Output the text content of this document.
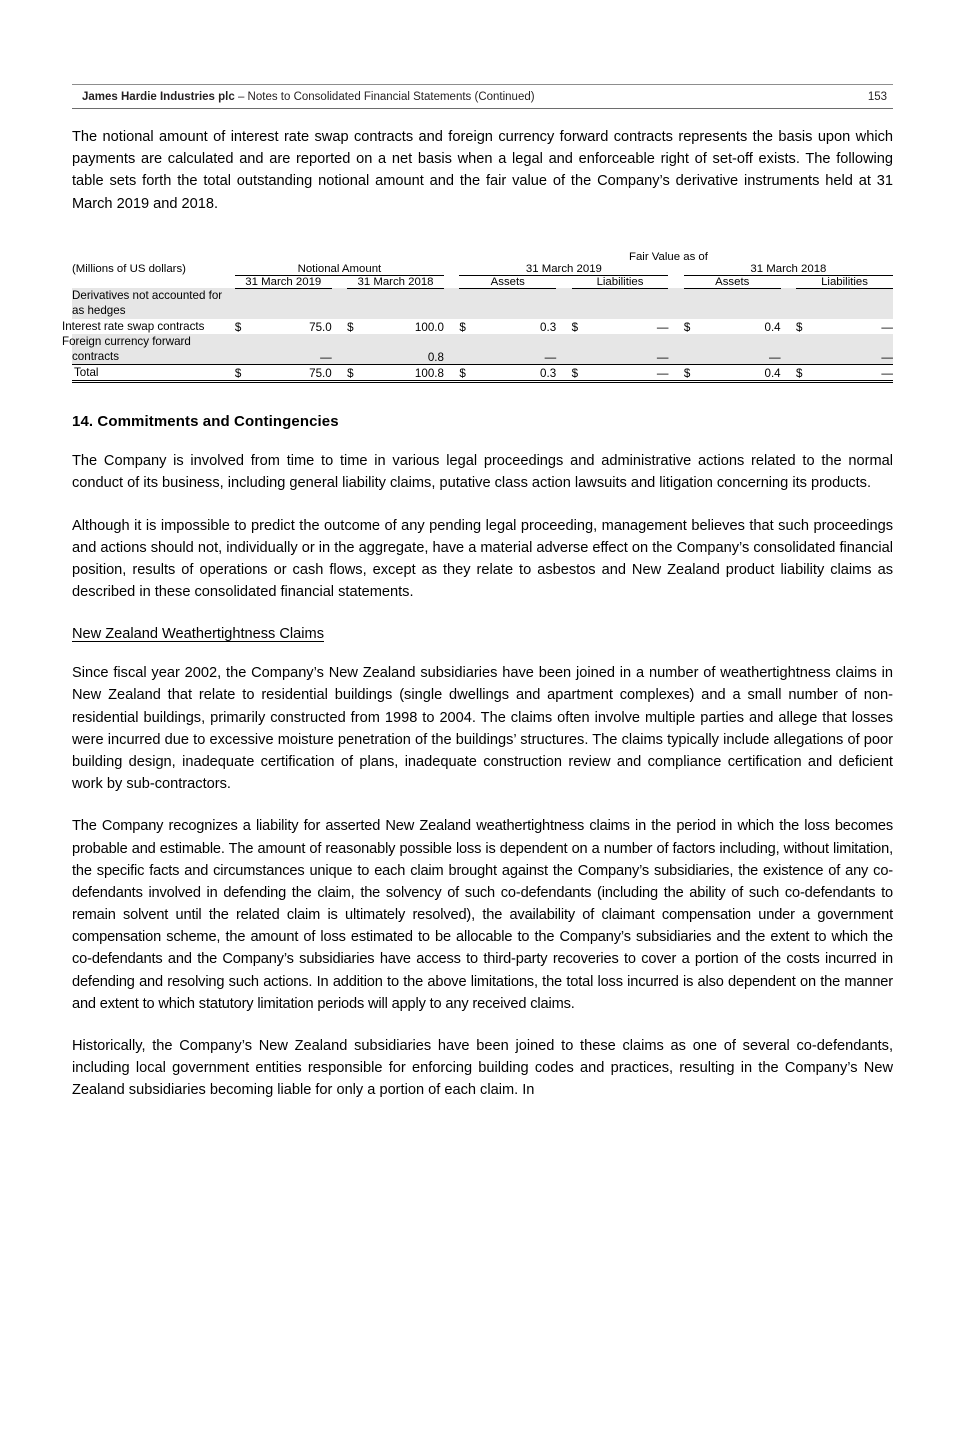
James Hardie Industries plc – Notes to Consolidated Financial Statements (Continued)	153

The notional amount of interest rate swap contracts and foreign currency forward contracts represents the basis upon which payments are calculated and are reported on a net basis when a legal and enforceable right of set-off exists. The following table sets forth the total outstanding notional amount and the fair value of the Company’s derivative instruments held at 31 March 2019 and 2018.

						Fair Value as of											
(Millions of US dollars)	Notional Amount						31 March 2019						31 March 2018				
	31 March 2019			31 March 2018			Assets			Liabilities			Assets			Liabilities	
Derivatives not accounted for as hedges																	
Interest rate swap contracts	$	75.0		$	100.0		$	0.3		$	—		$	0.4		$	—
Foreign currency forward contracts		—			0.8			—			—			—			—
Total	$	75.0		$	100.8		$	0.3		$	—		$	0.4		$	—
14. Commitments and Contingencies

The Company is involved from time to time in various legal proceedings and administrative actions related to the normal conduct of its business, including general liability claims, putative class action lawsuits and litigation concerning its products.

Although it is impossible to predict the outcome of any pending legal proceeding, management believes that such proceedings and actions should not, individually or in the aggregate, have a material adverse effect on the Company’s consolidated financial position, results of operations or cash flows, except as they relate to asbestos and New Zealand product liability claims as described in these consolidated financial statements.

New Zealand Weathertightness Claims

Since fiscal year 2002, the Company’s New Zealand subsidiaries have been joined in a number of weathertightness claims in New Zealand that relate to residential buildings (single dwellings and apartment complexes) and a small number of non-residential buildings, primarily constructed from 1998 to 2004. The claims often involve multiple parties and allege that losses were incurred due to excessive moisture penetration of the buildings’ structures. The claims typically include allegations of poor building design, inadequate certification of plans, inadequate construction review and compliance certification and deficient work by sub-contractors.

The Company recognizes a liability for asserted New Zealand weathertightness claims in the period in which the loss becomes probable and estimable. The amount of reasonably possible loss is dependent on a number of factors including, without limitation, the specific facts and circumstances unique to each claim brought against the Company’s subsidiaries, the existence of any co-defendants involved in defending the claim, the solvency of such co-defendants (including the ability of such co-defendants to remain solvent until the related claim is ultimately resolved), the availability of claimant compensation under a government compensation scheme, the amount of loss estimated to be allocable to the Company’s subsidiaries and the extent to which the co-defendants and the Company’s subsidiaries have access to third-party recoveries to cover a portion of the costs incurred in defending and resolving such actions. In addition to the above limitations, the total loss incurred is also dependent on the manner and extent to which statutory limitation periods will apply to any received claims.

Historically, the Company’s New Zealand subsidiaries have been joined to these claims as one of several co-defendants, including local government entities responsible for enforcing building codes and practices, resulting in the Company’s New Zealand subsidiaries becoming liable for only a portion of each claim. In
